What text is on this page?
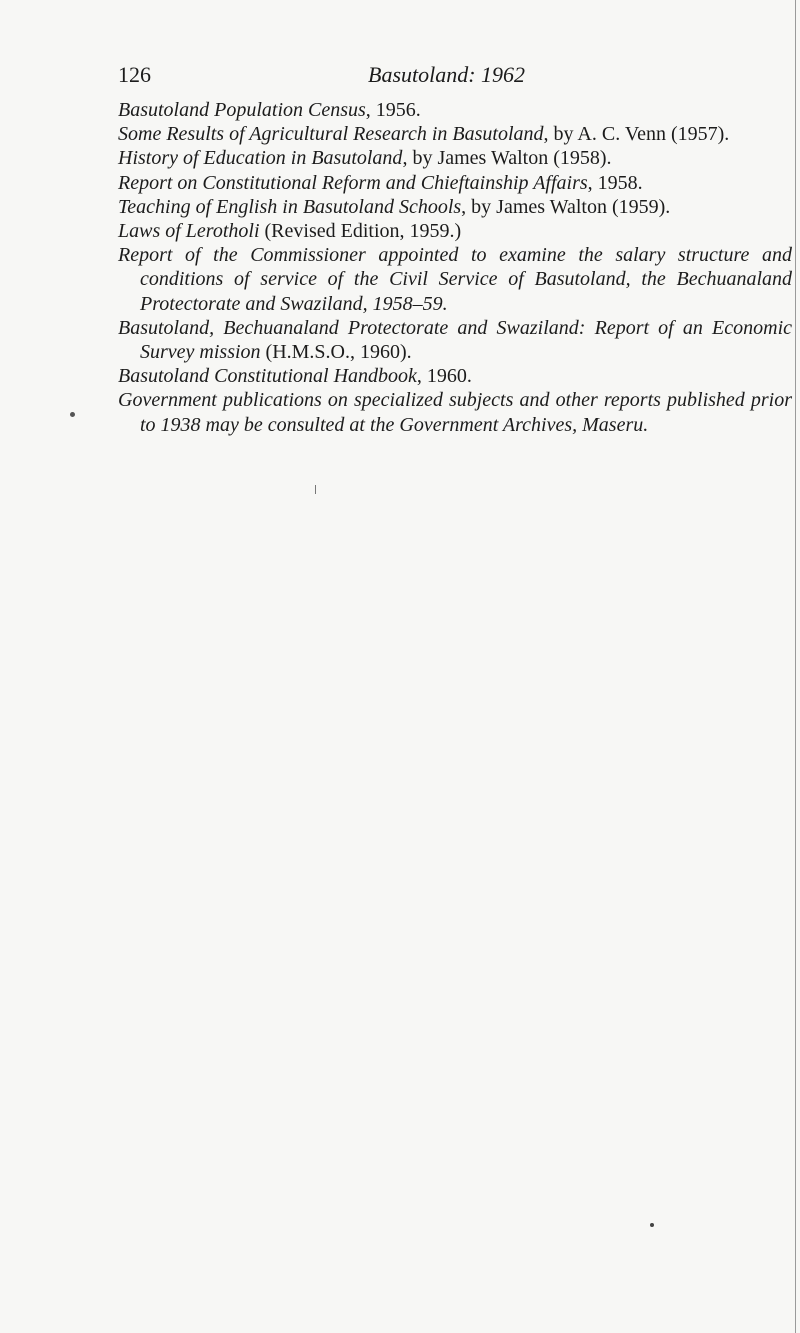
126	Basutoland: 1962

Basutoland Population Census, 1956.

Some Results of Agricultural Research in Basutoland, by A. C. Venn (1957).

History of Education in Basutoland, by James Walton (1958).

Report on Constitutional Reform and Chieftainship Affairs, 1958.

Teaching of English in Basutoland Schools, by James Walton (1959).

Laws of Lerotholi (Revised Edition, 1959.)

Report of the Commissioner appointed to examine the salary structure and conditions of service of the Civil Service of Basutoland, the Bechuanaland Protectorate and Swaziland, 1958–59.

Basutoland, Bechuanaland Protectorate and Swaziland: Report of an Economic Survey mission (H.M.S.O., 1960).

Basutoland Constitutional Handbook, 1960.

Government publications on specialized subjects and other reports published prior to 1938 may be consulted at the Government Archives, Maseru.
